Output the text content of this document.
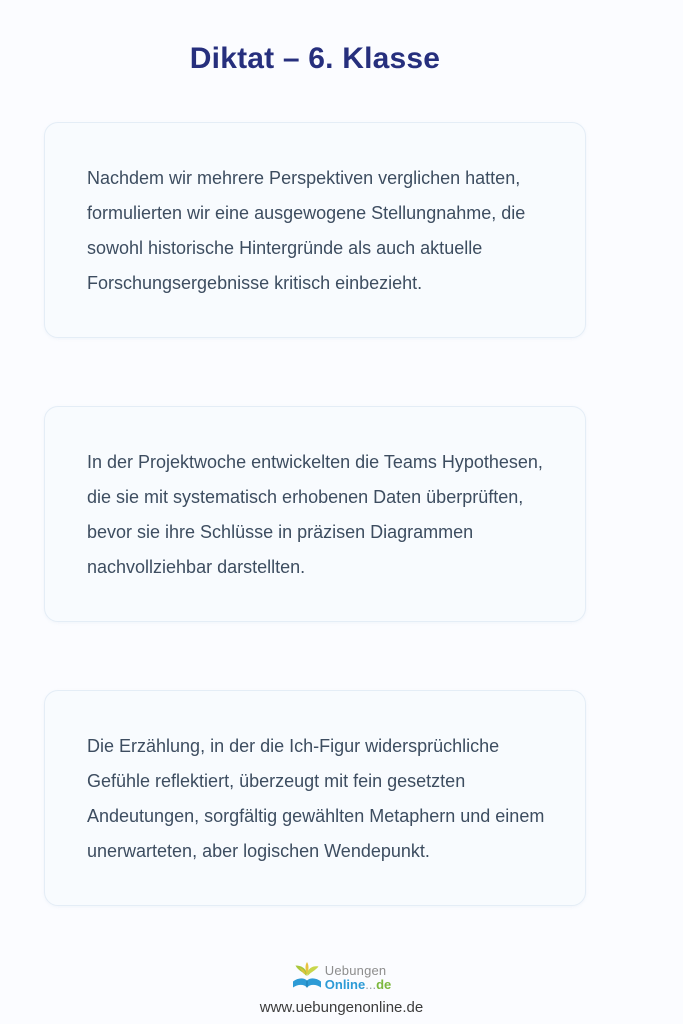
Diktat – 6. Klasse

Nachdem wir mehrere Perspektiven verglichen hatten, formulierten wir eine ausgewogene Stellungnahme, die sowohl historische Hintergründe als auch aktuelle Forschungsergebnisse kritisch einbezieht.

In der Projektwoche entwickelten die Teams Hypothesen, die sie mit systematisch erhobenen Daten überprüften, bevor sie ihre Schlüsse in präzisen Diagrammen nachvollziehbar darstellten.

Die Erzählung, in der die Ich-Figur widersprüchliche Gefühle reflektiert, überzeugt mit fein gesetzten Andeutungen, sorgfältig gewählten Metaphern und einem unerwarteten, aber logischen Wendepunkt.

Uebungen
Online...de

www.uebungenonline.de
